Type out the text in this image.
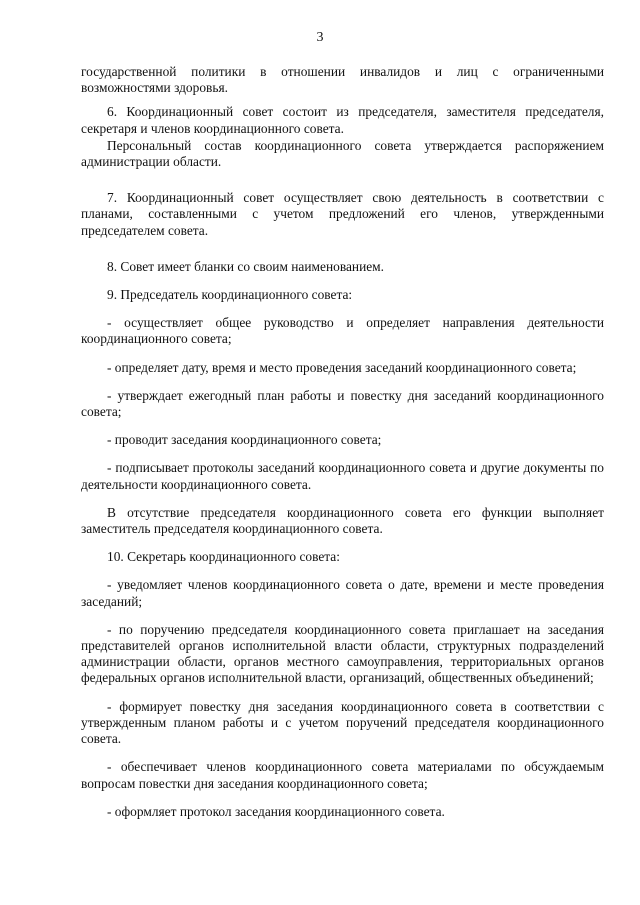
3

государственной политики в отношении инвалидов и лиц с ограниченными возможностями здоровья.

6. Координационный совет состоит из председателя, заместителя председателя, секретаря и членов координационного совета.

Персональный состав координационного совета утверждается распоряжением администрации области.

7. Координационный совет осуществляет свою деятельность в соответствии с планами, составленными с учетом предложений его членов, утвержденными председателем совета.

8. Совет имеет бланки со своим наименованием.

9. Председатель координационного совета:

- осуществляет общее руководство и определяет направления деятельности координационного совета;

- определяет дату, время и место проведения заседаний координационного совета;

- утверждает ежегодный план работы и повестку дня заседаний координационного совета;

- проводит заседания координационного совета;

- подписывает протоколы заседаний координационного совета и другие документы по деятельности координационного совета.

В отсутствие председателя координационного совета его функции выполняет заместитель председателя координационного совета.

10. Секретарь координационного совета:

- уведомляет членов координационного совета о дате, времени и месте проведения заседаний;

- по поручению председателя координационного совета приглашает на заседания представителей органов исполнительной власти области, структурных подразделений администрации области, органов местного самоуправления, территориальных органов федеральных органов исполнительной власти, организаций, общественных объединений;

- формирует повестку дня заседания координационного совета в соответствии с утвержденным планом работы и с учетом поручений председателя координационного совета.

- обеспечивает членов координационного совета материалами по обсуждаемым вопросам повестки дня заседания координационного совета;

- оформляет протокол заседания координационного совета.
